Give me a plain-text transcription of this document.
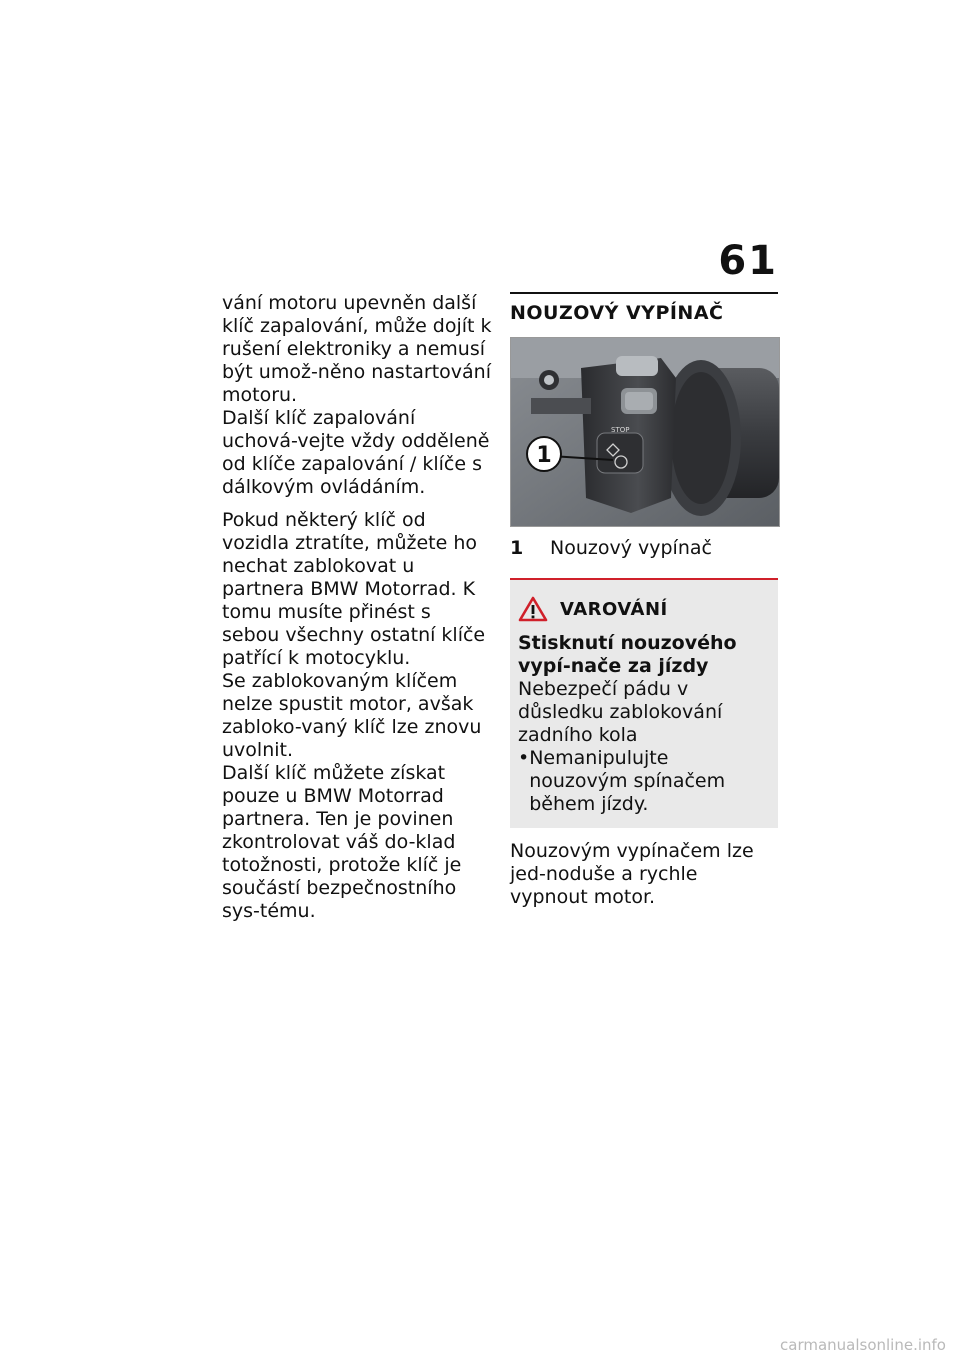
61

vání motoru upevněn další klíč zapalování, může dojít k rušení elektroniky a nemusí být umož-něno nastartování motoru.

Další klíč zapalování uchová-vejte vždy odděleně od klíče zapalování / klíče s dálkovým ovládáním.

Pokud některý klíč od vozidla ztratíte, můžete ho nechat zablokovat u partnera BMW Motorrad. K tomu musíte přinést s sebou všechny ostatní klíče patřící k motocyklu.

Se zablokovaným klíčem nelze spustit motor, avšak zabloko-vaný klíč lze znovu uvolnit.

Další klíč můžete získat pouze u BMW Motorrad partnera. Ten je povinen zkontrolovat váš do-klad totožnosti, protože klíč je součástí bezpečnostního sys-tému.

NOUZOVÝ VYPÍNAČ
STOP
1
1	Nouzový vypínač
VAROVÁNÍ
Stisknutí nouzového vypí-nače za jízdy
Nebezpečí pádu v důsledku zablokování zadního kola
• Nemanipulujte nouzovým spínačem během jízdy.
Nouzovým vypínačem lze jed-noduše a rychle vypnout motor.
carmanualsonline.info
